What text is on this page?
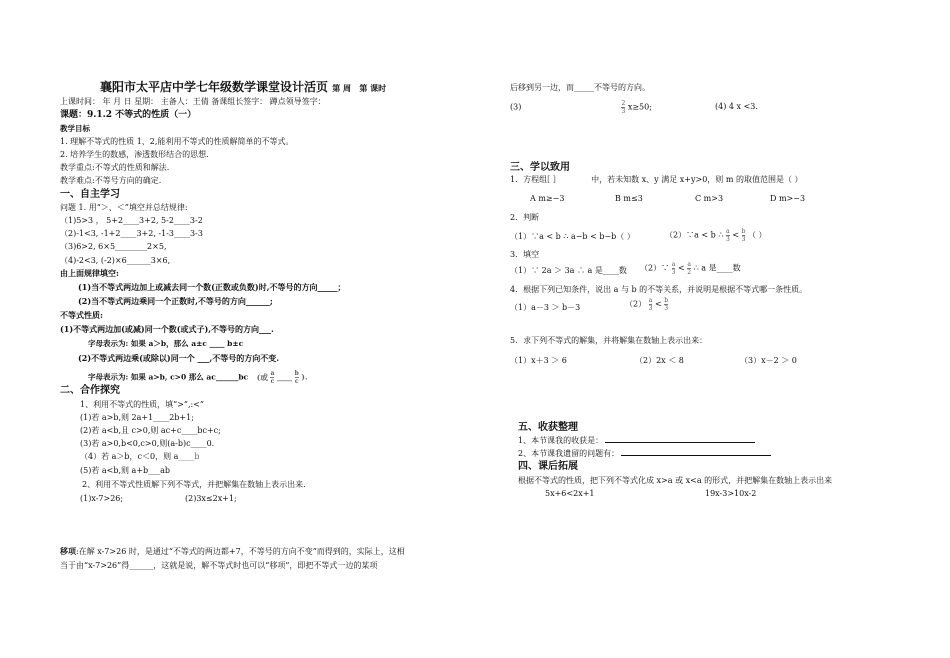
襄阳市太平店中学七年级数学课堂设计活页 第 周 第 课时
上课时间： 年 月 日 星期： 主备人：王倩 备课组长签字： 蹲点领导签字：
课题：9.1.2 不等式的性质（一）
教学目标
1. 理解不等式的性质 1、2,能利用不等式的性质解简单的不等式。
2. 培养学生的数感，渗透数形结合的思想.
教学重点:不等式的性质和解法.
教学难点:不等号方向的确定.
一、自主学习
问题 1. 用“＞、＜”填空并总结规律:
（1)5>3 ， 5+2____3+2, 5-2____3-2
（2)-1<3, -1+2____3+2, -1-3____3-3
（3)6>2, 6×5________2×5,
（4)-2<3, (-2)×6______3×6,
由上面规律填空:
(1)当不等式两边加上或减去同一个数(正数或负数)时,不等号的方向_____；
(2)当不等式两边乘同一个正数时,不等号的方向______;
不等式性质:
(1)不等式两边加(或减)同一个数(或式子),不等号的方向___.
字母表示为: 如果 a＞b，那么 a±c ____ b±c
(2)不等式两边乘(或除以)同一个 ___,不等号的方向不变.
字母表示为: 如果 a>b, c>0 那么 ac______bc (或 $\frac{a}{c}$ ____ $\frac{b}{c}$ ).
二、合作探究
1、利用不等式的性质，填”>”,:<”
(1)若 a>b,则 2a+1____2b+1;
(2)若 a<b,且 c>0,则 ac+c____bc+c;
(3)若 a>0,b<0,c>0,则(a-b)c____0.
（4）若 a＞b，c＜0，则 a____b
(5)若 a<b,则 a+b___ab
2、利用不等式性质解下列不等式，并把解集在数轴上表示出来.
(1)x-7>26;	(2)3x≤2x+1;
移项:在解 x-7>26 时，是通过“不等式的两边都+7，不等号的方向不变”而得到的，实际上，这相
当于由“x-7>26”得______，这就是说，解不等式时也可以“移项”，即把不等式一边的某项
后移到另一边，而_____不等号的方向。
(3)	$\frac{2}{3} x\ge 50$;	(4) 4 x <3.
三、学以致用
1．方程组[ ]	中，若未知数 x、y 满足 x+y>0，则 m 的取值范围是（ ）
A m≥−3	B m≤3	C m>3	D m>−3
2．判断
（1）∵a < b ∴ a−b < b−b（ ）	（2）∵a < b ∴ $\frac{a}{3} < \frac{b}{3}$ （ ）
3．填空
（1）∵ 2a ＞ 3a ∴ a 是____数 （2）∵ $\frac{a}{3} < \frac{a}{2}$ ∴ a 是____数
4．根据下列已知条件，说出 a 与 b 的不等关系，并说明是根据不等式哪一条性质。
（1）a－3 ＞ b－3	$(2) \frac{a}{3} < \frac{b}{3}$
5．求下列不等式的解集，并将解集在数轴上表示出来：
（1）x＋3 ＞ 6	（2）2x ＜ 8	（3）x－2 ＞ 0
五、收获整理
1、本节课我的收获是：
2、本节课我遗留的问题有：
四、课后拓展
根据不等式的性质，把下列不等式化成 x>a 或 x<a 的形式，并把解集在数轴上表示出来
5x+6<2x+1	19x-3>10x-2
